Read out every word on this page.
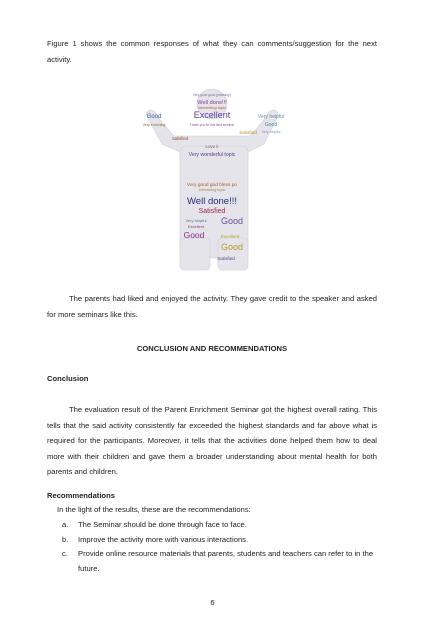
Figure 1 shows the common responses of what they can comments/suggestion for the next activity.

Very good good (pleasing!)
Well done!!!
Interesting topic
Excellent
Good	Very helpful
Very enriching	Thank you for this kind seminar	Good
Very helpful
Satisfied
Satisfied
Love it
Very wonderful topic
Very good god bless po
Interesting topic
Well done!!!
Satisfied
Very helpful
Excellent
Good
Good
Excellent
Good
Satisfied

The parents had liked and enjoyed the activity. They gave credit to the speaker and asked for more seminars like this.

CONCLUSION AND RECOMMENDATIONS

Conclusion

The evaluation result of the Parent Enrichment Seminar got the highest overall rating. This tells that the said activity consistently far exceeded the highest standards and far above what is required for the participants. Moreover, it tells that the activities done helped them how to deal more with their children and gave them a broader understanding about mental health for both parents and children.

Recommendations

In the light of the results, these are the recommendations:

a. The Seminar should be done through face to face.
b. Improve the activity more with various interactions.
c. Provide online resource materials that parents, students and teachers can refer to in the future.
6
